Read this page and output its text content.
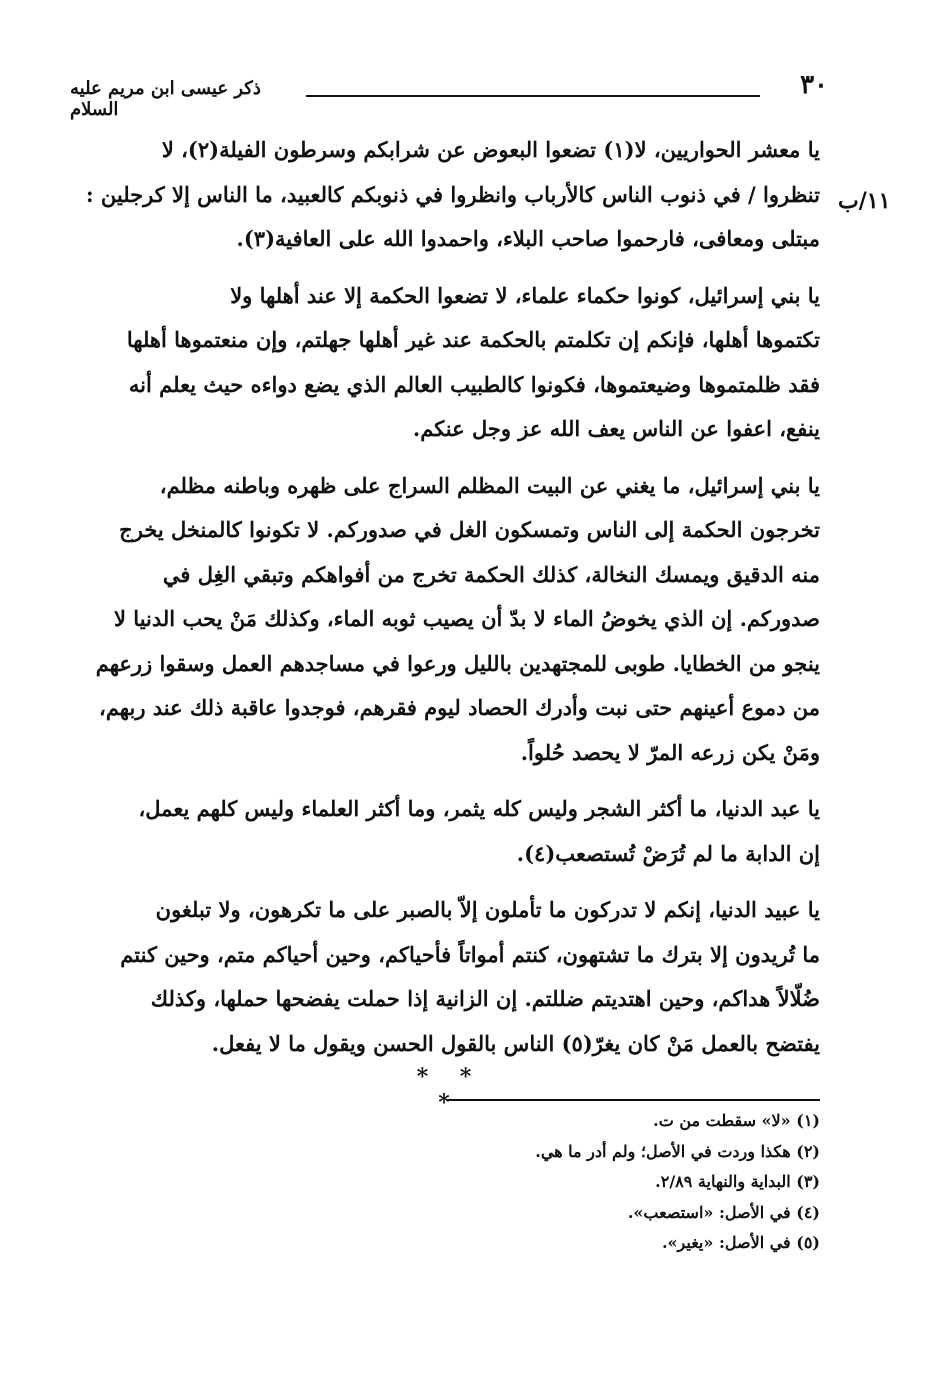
٣٠
ذكر عيسى ابن مريم عليه السلام
١١/ب
يا معشر الحواريين، لا(١) تضعوا البعوض عن شرابكم وسرطون الفيلة(٢)، لا
تنظروا / في ذنوب الناس كالأرباب وانظروا في ذنوبكم كالعبيد، ما الناس إلا كرجلين :
مبتلى ومعافى، فارحموا صاحب البلاء، واحمدوا الله على العافية(٣).
يا بني إسرائيل، كونوا حكماء علماء، لا تضعوا الحكمة إلا عند أهلها ولا
تكتموها أهلها، فإنكم إن تكلمتم بالحكمة عند غير أهلها جهلتم، وإن منعتموها أهلها
فقد ظلمتموها وضيعتموها، فكونوا كالطبيب العالم الذي يضع دواءه حيث يعلم أنه
ينفع، اعفوا عن الناس يعف الله عز وجل عنكم.
يا بني إسرائيل، ما يغني عن البيت المظلم السراج على ظهره وباطنه مظلم،
تخرجون الحكمة إلى الناس وتمسكون الغل في صدوركم. لا تكونوا كالمنخل يخرج
منه الدقيق ويمسك النخالة، كذلك الحكمة تخرج من أفواهكم وتبقي الغِل في
صدوركم. إن الذي يخوضُ الماء لا بدّ أن يصيب ثوبه الماء، وكذلك مَنْ يحب الدنيا لا
ينجو من الخطايا. طوبى للمجتهدين بالليل ورعوا في مساجدهم العمل وسقوا زرعهم
من دموع أعينهم حتى نبت وأدرك الحصاد ليوم فقرهم، فوجدوا عاقبة ذلك عند ربهم،
ومَنْ يكن زرعه المرّ لا يحصد حُلواً.
يا عبد الدنيا، ما أكثر الشجر وليس كله يثمر، وما أكثر العلماء وليس كلهم يعمل،
إن الدابة ما لم تُرَضْ تُستصعب(٤).
يا عبيد الدنيا، إنكم لا تدركون ما تأملون إلاّ بالصبر على ما تكرهون، ولا تبلغون
ما تُريدون إلا بترك ما تشتهون، كنتم أمواتاً فأحياكم، وحين أحياكم متم، وحين كنتم
ضُلّالاً هداكم، وحين اهتديتم ضللتم. إن الزانية إذا حملت يفضحها حملها، وكذلك
يفتضح بالعمل مَنْ كان يغرّ(٥) الناس بالقول الحسن ويقول ما لا يفعل.
* * *
(١) «لا» سقطت من ت.
(٢) هكذا وردت في الأصل؛ ولم أدر ما هي.
(٣) البداية والنهاية ٢/٨٩.
(٤) في الأصل: «استصعب».
(٥) في الأصل: «يغير».
